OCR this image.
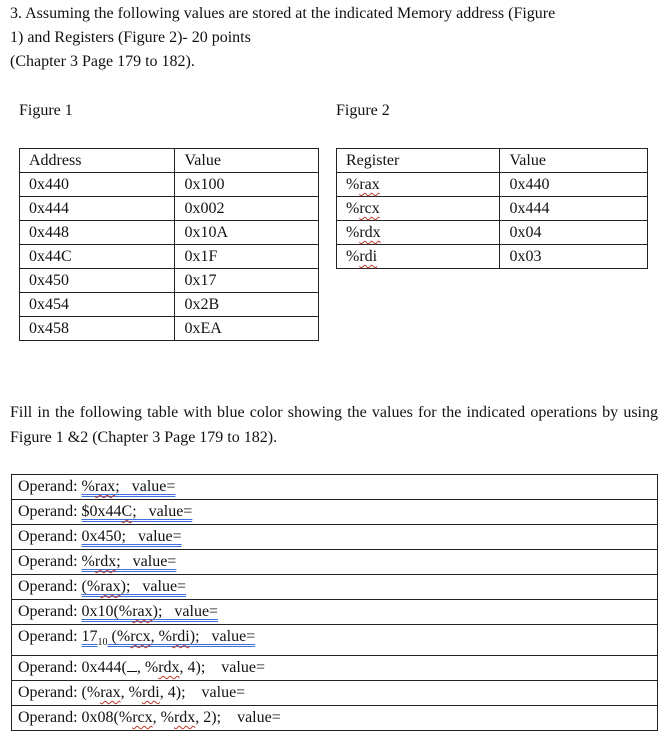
3. Assuming the following values are stored at the indicated Memory address (Figure
1) and Registers (Figure 2)- 20 points
(Chapter 3 Page 179 to 182).
Figure 1	Figure 2
Address	Value
0x440	0x100
0x444	0x002
0x448	0x10A
0x44C	0x1F
0x450	0x17
0x454	0x2B
0x458	0xEA
Register	Value
%rax	0x440
%rcx	0x444
%rdx	0x04
%rdi	0x03
Fill in the following table with blue color showing the values for the indicated operations by using Figure 1 &2 (Chapter 3 Page 179 to 182).
Operand: %rax; value=
Operand: $0x44C; value=
Operand: 0x450; value=
Operand: %rdx; value=
Operand: (%rax); value=
Operand: 0x10(%rax); value=
Operand: $17_{10}$ (%rcx, %rdi); value=
Operand: 0x444( , %rdx, 4); value=
Operand: (%rax, %rdi, 4); value=
Operand: 0x08(%rcx, %rdx, 2); value=
